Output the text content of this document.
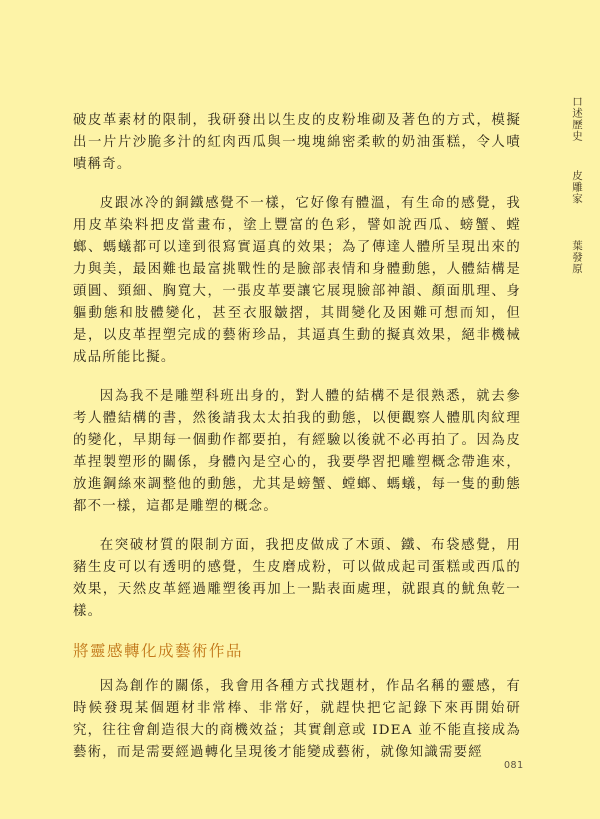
口述歷史
皮雕家
葉發原

破皮革素材的限制，我研發出以生皮的皮粉堆砌及著色的方式，模擬出一片片沙脆多汁的紅肉西瓜與一塊塊綿密柔軟的奶油蛋糕，令人嘖嘖稱奇。

皮跟冰冷的銅鐵感覺不一樣，它好像有體溫，有生命的感覺，我用皮革染料把皮當畫布，塗上豐富的色彩，譬如說西瓜、螃蟹、螳螂、螞蟻都可以達到很寫實逼真的效果；為了傳達人體所呈現出來的力與美，最困難也最富挑戰性的是臉部表情和身體動態，人體結構是頭圓、頸細、胸寬大，一張皮革要讓它展現臉部神韻、顏面肌理、身軀動態和肢體變化，甚至衣服皺摺，其間變化及困難可想而知，但是，以皮革捏塑完成的藝術珍品，其逼真生動的擬真效果，絕非機械成品所能比擬。

因為我不是雕塑科班出身的，對人體的結構不是很熟悉，就去參考人體結構的書，然後請我太太拍我的動態，以便觀察人體肌肉紋理的變化，早期每一個動作都要拍，有經驗以後就不必再拍了。因為皮革捏製塑形的關係，身體內是空心的，我要學習把雕塑概念帶進來，放進鋼絲來調整他的動態，尤其是螃蟹、螳螂、螞蟻，每一隻的動態都不一樣，這都是雕塑的概念。

在突破材質的限制方面，我把皮做成了木頭、鐵、布袋感覺，用豬生皮可以有透明的感覺，生皮磨成粉，可以做成起司蛋糕或西瓜的效果，天然皮革經過雕塑後再加上一點表面處理，就跟真的魷魚乾一樣。

將靈感轉化成藝術作品

因為創作的關係，我會用各種方式找題材，作品名稱的靈感，有時候發現某個題材非常棒、非常好，就趕快把它記錄下來再開始研究，往往會創造很大的商機效益；其實創意或 IDEA 並不能直接成為藝術，而是需要經過轉化呈現後才能變成藝術，就像知識需要經

081
